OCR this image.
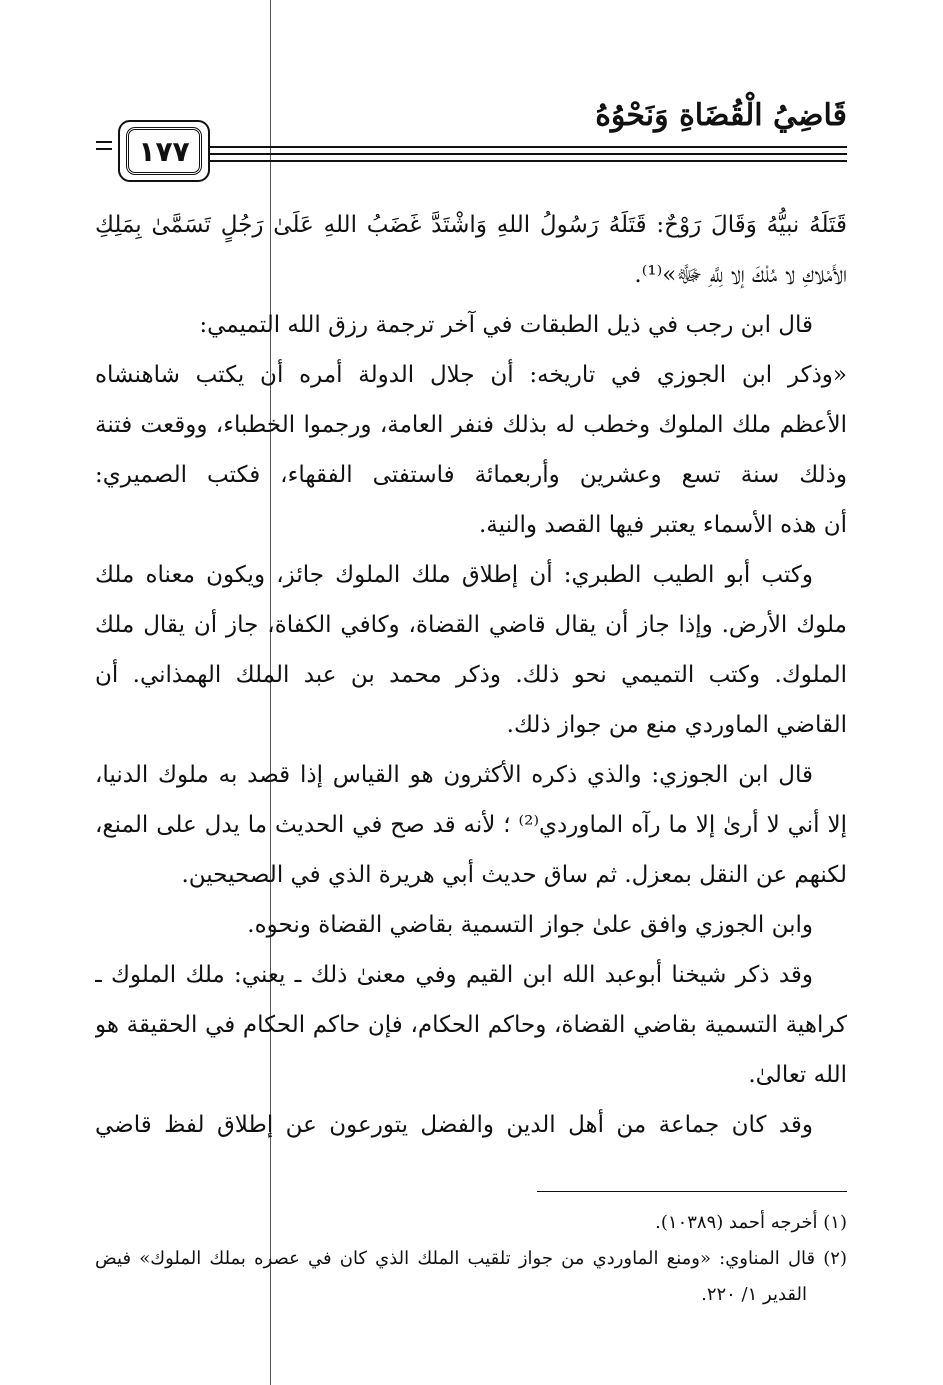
قَاضِيُ الْقُضَاةِ وَنَحْوُهُ
١٧٧
قَتَلَهُ نبيُّهُ وَقَالَ رَوْحٌ: قَتَلَهُ رَسُولُ اللهِ وَاشْتَدَّ غَضَبُ اللهِ عَلَىٰ رَجُلٍ تَسَمَّىٰ بِمَلِكِ
الأَمْلاكِ لا مُلْكَ إلا لِلَّهِ ﷻ»⁽¹⁾.
قال ابن رجب في ذيل الطبقات في آخر ترجمة رزق الله التميمي:
«وذكر ابن الجوزي في تاريخه: أن جلال الدولة أمره أن يكتب شاهنشاه
الأعظم ملك الملوك وخطب له بذلك فنفر العامة، ورجموا الخطباء، ووقعت فتنة
وذلك سنة تسع وعشرين وأربعمائة فاستفتى الفقهاء، فكتب الصميري:
أن هذه الأسماء يعتبر فيها القصد والنية.
وكتب أبو الطيب الطبري: أن إطلاق ملك الملوك جائز، ويكون معناه ملك
ملوك الأرض. وإذا جاز أن يقال قاضي القضاة، وكافي الكفاة، جاز أن يقال ملك
الملوك. وكتب التميمي نحو ذلك. وذكر محمد بن عبد الملك الهمذاني. أن
القاضي الماوردي منع من جواز ذلك.
قال ابن الجوزي: والذي ذكره الأكثرون هو القياس إذا قصد به ملوك الدنيا،
إلا أني لا أرىٰ إلا ما رآه الماوردي⁽²⁾ ؛ لأنه قد صح في الحديث ما يدل على المنع،
لكنهم عن النقل بمعزل. ثم ساق حديث أبي هريرة الذي في الصحيحين.
وابن الجوزي وافق علىٰ جواز التسمية بقاضي القضاة ونحوه.
وقد ذكر شيخنا أبوعبد الله ابن القيم وفي معنىٰ ذلك ـ يعني: ملك الملوك ـ
كراهية التسمية بقاضي القضاة، وحاكم الحكام، فإن حاكم الحكام في الحقيقة هو
الله تعالىٰ.
وقد كان جماعة من أهل الدين والفضل يتورعون عن إطلاق لفظ قاضي
(١) أخرجه أحمد (١٠٣٨٩).
(٢) قال المناوي: «ومنع الماوردي من جواز تلقيب الملك الذي كان في عصره بملك الملوك» فيض
القدير ١/ ٢٢٠.
